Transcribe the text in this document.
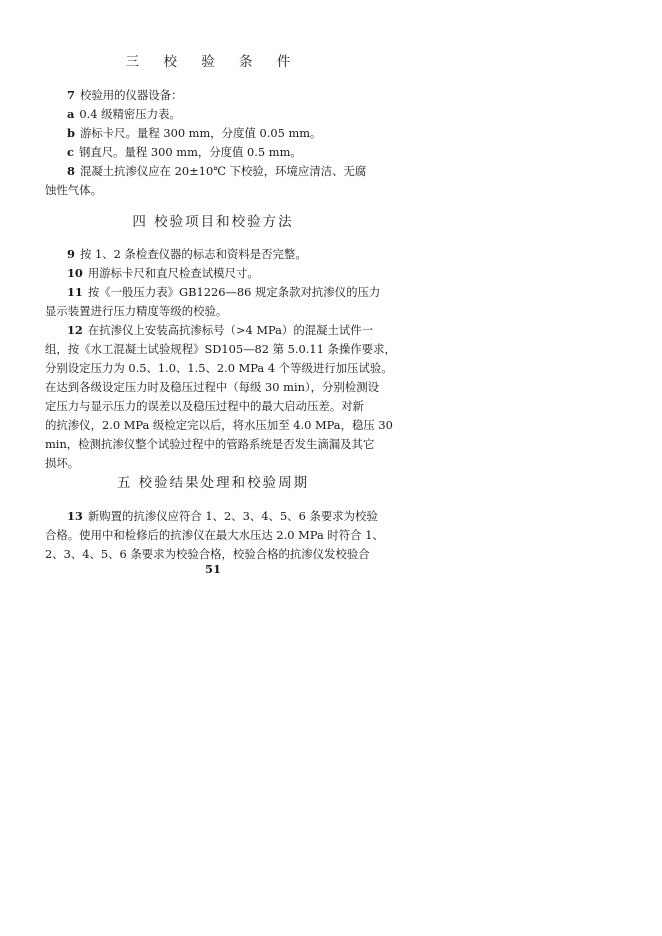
三 校 验 条 件
7 校验用的仪器设备：
a 0.4 级精密压力表。
b 游标卡尺。量程 300 mm，分度值 0.05 mm。
c 钢直尺。量程 300 mm，分度值 0.5 mm。
8 混凝土抗渗仪应在 20±10℃ 下校验，环境应清洁、无腐
蚀性气体。
四 校验项目和校验方法
9 按 1、2 条检查仪器的标志和资料是否完整。
10 用游标卡尺和直尺检查试模尺寸。
11 按《一般压力表》GB1226—86 规定条款对抗渗仪的压力
显示装置进行压力精度等级的校验。
12 在抗渗仪上安装高抗渗标号（>4 MPa）的混凝土试件一
组，按《水工混凝土试验规程》SD105—82 第 5.0.11 条操作要求，
分别设定压力为 0.5、1.0、1.5、2.0 MPa 4 个等级进行加压试验。
在达到各级设定压力时及稳压过程中（每级 30 min），分别检测设
定压力与显示压力的误差以及稳压过程中的最大启动压差。对新
的抗渗仪，2.0 MPa 级检定完以后，将水压加至 4.0 MPa，稳压 30
min，检测抗渗仪整个试验过程中的管路系统是否发生滴漏及其它
损坏。
五 校验结果处理和校验周期
13 新购置的抗渗仪应符合 1、2、3、4、5、6 条要求为校验
合格。使用中和检修后的抗渗仪在最大水压达 2.0 MPa 时符合 1、
2、3、4、5、6 条要求为校验合格，校验合格的抗渗仪发校验合
51
